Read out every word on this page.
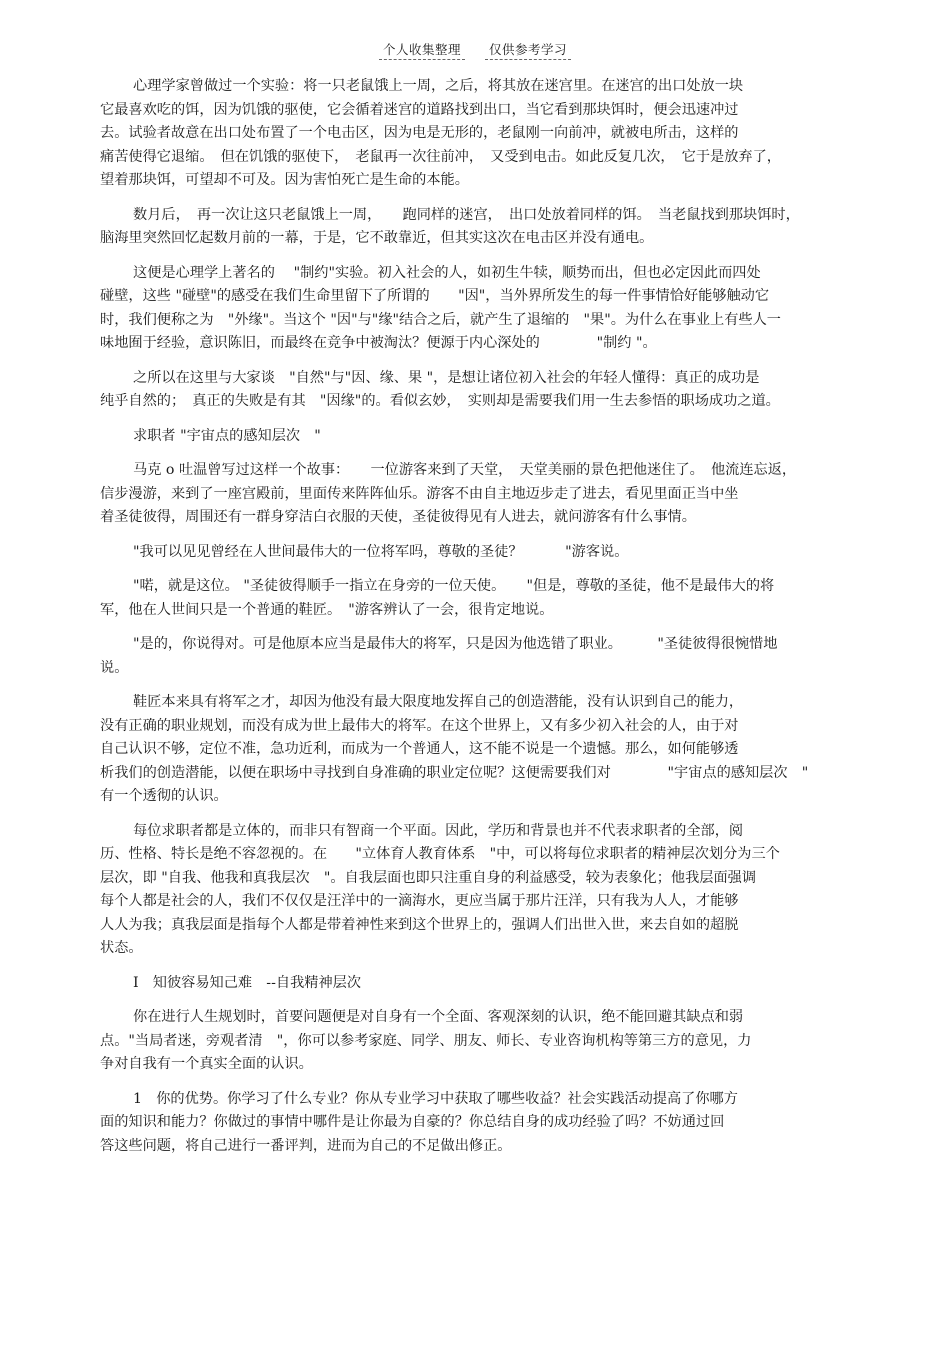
个人收集整理 仅供参考学习
心理学家曾做过一个实验：将一只老鼠饿上一周，之后，将其放在迷宫里。在迷宫的出口处放一块
它最喜欢吃的饵，因为饥饿的驱使，它会循着迷宫的道路找到出口，当它看到那块饵时，便会迅速冲过
去。试验者故意在出口处布置了一个电击区，因为电是无形的，老鼠刚一向前冲，就被电所击，这样的
痛苦使得它退缩。　但在饥饿的驱使下，　老鼠再一次往前冲，　又受到电击。如此反复几次，　它于是放弃了，
望着那块饵，可望却不可及。因为害怕死亡是生命的本能。
数月后，　再一次让这只老鼠饿上一周，　　跑同样的迷宫，　出口处放着同样的饵。　当老鼠找到那块饵时，
脑海里突然回忆起数月前的一幕，于是，它不敢靠近，但其实这次在电击区并没有通电。
这便是心理学上著名的　 "制约"实验。初入社会的人，如初生牛犊，顺势而出，但也必定因此而四处
碰壁，这些 "碰壁"的感受在我们生命里留下了所谓的　　"因"，当外界所发生的每一件事情恰好能够触动它
时，我们便称之为　"外缘"。当这个 "因"与"缘"结合之后，就产生了退缩的　"果"。为什么在事业上有些人一
味地囿于经验，意识陈旧，而最终在竞争中被淘汰？便源于内心深处的　　　　"制约 "。
之所以在这里与大家谈　"自然"与"因、缘、果 "，是想让诸位初入社会的年轻人懂得：真正的成功是
纯乎自然的；　真正的失败是有其　"因缘"的。看似玄妙，　实则却是需要我们用一生去参悟的职场成功之道。
求职者 "宇宙点的感知层次　"
马克 o 吐温曾写过这样一个故事：　　一位游客来到了天堂，　天堂美丽的景色把他迷住了。　他流连忘返，
信步漫游，来到了一座宫殿前，里面传来阵阵仙乐。游客不由自主地迈步走了进去，看见里面正当中坐
着圣徒彼得，周围还有一群身穿洁白衣服的天使，圣徒彼得见有人进去，就问游客有什么事情。
"我可以见见曾经在人世间最伟大的一位将军吗，尊敬的圣徒？　　　"游客说。
"喏，就是这位。 "圣徒彼得顺手一指立在身旁的一位天使。　　"但是，尊敬的圣徒，他不是最伟大的将
军，他在人世间只是一个普通的鞋匠。　"游客辨认了一会，很肯定地说。
"是的，你说得对。可是他原本应当是最伟大的将军，只是因为他选错了职业。　　　"圣徒彼得很惋惜地
说。
鞋匠本来具有将军之才，却因为他没有最大限度地发挥自己的创造潜能，没有认识到自己的能力，
没有正确的职业规划，而没有成为世上最伟大的将军。在这个世界上，又有多少初入社会的人，由于对
自己认识不够，定位不准，急功近利，而成为一个普通人，这不能不说是一个遗憾。那么，如何能够透
析我们的创造潜能，以便在职场中寻找到自身准确的职业定位呢？这便需要我们对　　　　"宇宙点的感知层次　"
有一个透彻的认识。
每位求职者都是立体的，而非只有智商一个平面。因此，学历和背景也并不代表求职者的全部，阅
历、性格、特长是绝不容忽视的。在　　"立体育人教育体系　"中，可以将每位求职者的精神层次划分为三个
层次，即 "自我、他我和真我层次　"。自我层面也即只注重自身的利益感受，较为表象化；他我层面强调
每个人都是社会的人，我们不仅仅是汪洋中的一滴海水，更应当属于那片汪洋，只有我为人人，才能够
人人为我；真我层面是指每个人都是带着神性来到这个世界上的，强调人们出世入世，来去自如的超脱
状态。
Ⅰ　知彼容易知己难　--自我精神层次
你在进行人生规划时，首要问题便是对自身有一个全面、客观深刻的认识，绝不能回避其缺点和弱
点。"当局者迷，旁观者清　"，你可以参考家庭、同学、朋友、师长、专业咨询机构等第三方的意见，力
争对自我有一个真实全面的认识。
1　你的优势。你学习了什么专业？你从专业学习中获取了哪些收益？社会实践活动提高了你哪方
面的知识和能力？你做过的事情中哪件是让你最为自豪的？你总结自身的成功经验了吗？不妨通过回
答这些问题，将自己进行一番评判，进而为自己的不足做出修正。
